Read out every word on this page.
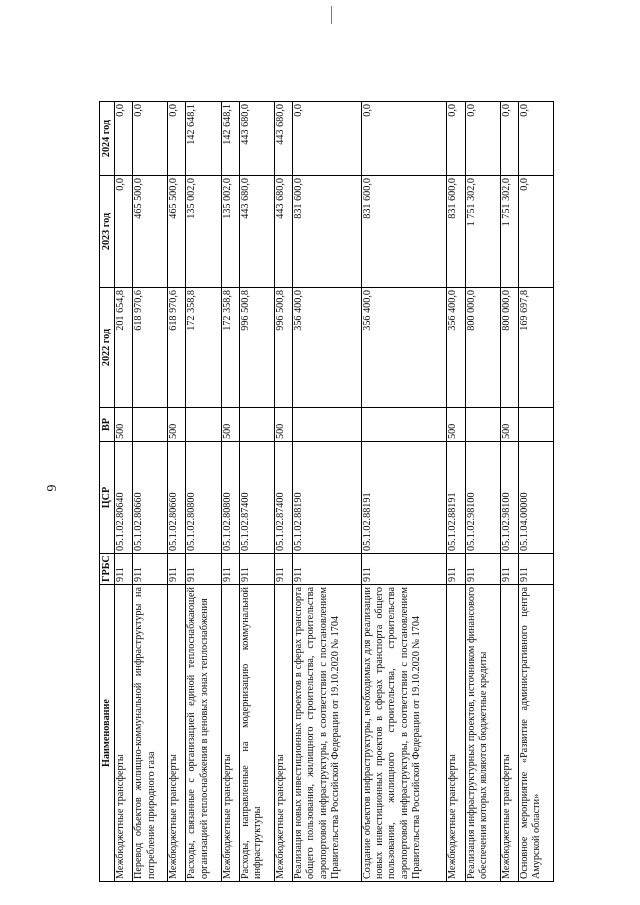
6
Наименование	ГРБС	ЦСР	ВР	2022 год	2023 год	2024 год
Межбюджетные трансферты	911	05.1.02.80640	500	201 654,8	0,0	0,0
Перевод объектов жилищно-коммунальной инфраструктуры на потребление природного газа	911	05.1.02.80660		618 970,6	465 500,0	0,0
Межбюджетные трансферты	911	05.1.02.80660	500	618 970,6	465 500,0	0,0
Расходы, связанные с организацией единой теплоснабжающей организацией теплоснабжения в ценовых зонах теплоснабжения	911	05.1.02.80800		172 358,8	135 002,0	142 648,1
Межбюджетные трансферты	911	05.1.02.80800	500	172 358,8	135 002,0	142 648,1
Расходы, направленные на модернизацию коммунальной инфраструктуры	911	05.1.02.87400		996 500,8	443 680,0	443 680,0
Межбюджетные трансферты	911	05.1.02.87400	500	996 500,8	443 680,0	443 680,0
Реализация новых инвестиционных проектов в сферах транспорта общего пользования, жилищного строительства, строительства аэропортовой инфраструктуры, в соответствии с постановлением Правительства Российской Федерации от 19.10.2020 № 1704	911	05.1.02.88190		356 400,0	831 600,0	0,0
Создание объектов инфраструктуры, необходимых для реализации новых инвестиционных проектов в сферах транспорта общего пользования, жилищного строительства, строительства аэропортовой инфраструктуры, в соответствии с постановлением Правительства Российской Федерации от 19.10.2020 № 1704	911	05.1.02.88191		356 400,0	831 600,0	0,0
Межбюджетные трансферты	911	05.1.02.88191	500	356 400,0	831 600,0	0,0
Реализация инфраструктурных проектов, источником финансового обеспечения которых являются бюджетные кредиты	911	05.1.02.98100		800 000,0	1 751 302,0	0,0
Межбюджетные трансферты	911	05.1.02.98100	500	800 000,0	1 751 302,0	0,0
Основное мероприятие «Развитие административного центра Амурской области»	911	05.1.04.00000		169 697,8	0,0	0,0
